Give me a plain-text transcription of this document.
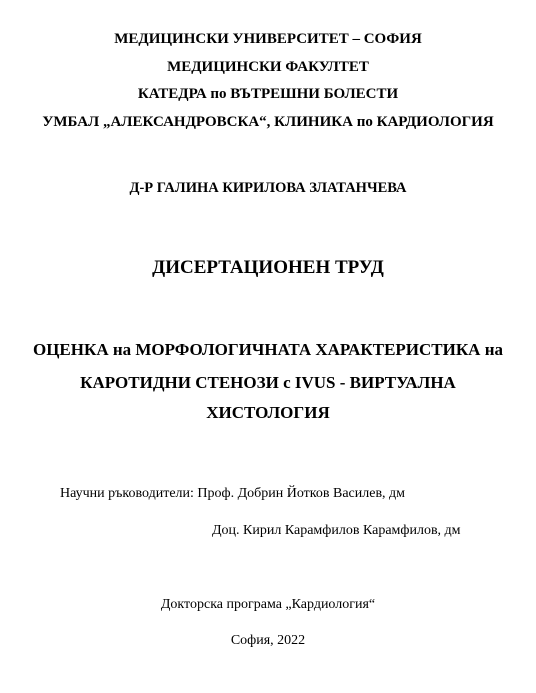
МЕДИЦИНСКИ УНИВЕРСИТЕТ – СОФИЯ
МЕДИЦИНСКИ ФАКУЛТЕТ
КАТЕДРА по ВЪТРЕШНИ БОЛЕСТИ
УМБАЛ „АЛЕКСАНДРОВСКА“, КЛИНИКА по КАРДИОЛОГИЯ
Д-Р ГАЛИНА КИРИЛОВА ЗЛАТАНЧЕВА
ДИСЕРТАЦИОНЕН ТРУД
ОЦЕНКА на МОРФОЛОГИЧНАТА ХАРАКТЕРИСТИКА на
КАРОТИДНИ СТЕНОЗИ с IVUS - ВИРТУАЛНА
ХИСТОЛОГИЯ
Научни ръководители: Проф. Добрин Йотков Василев, дм
Доц. Кирил Карамфилов Карамфилов, дм
Докторска програма „Кардиология“
София, 2022
